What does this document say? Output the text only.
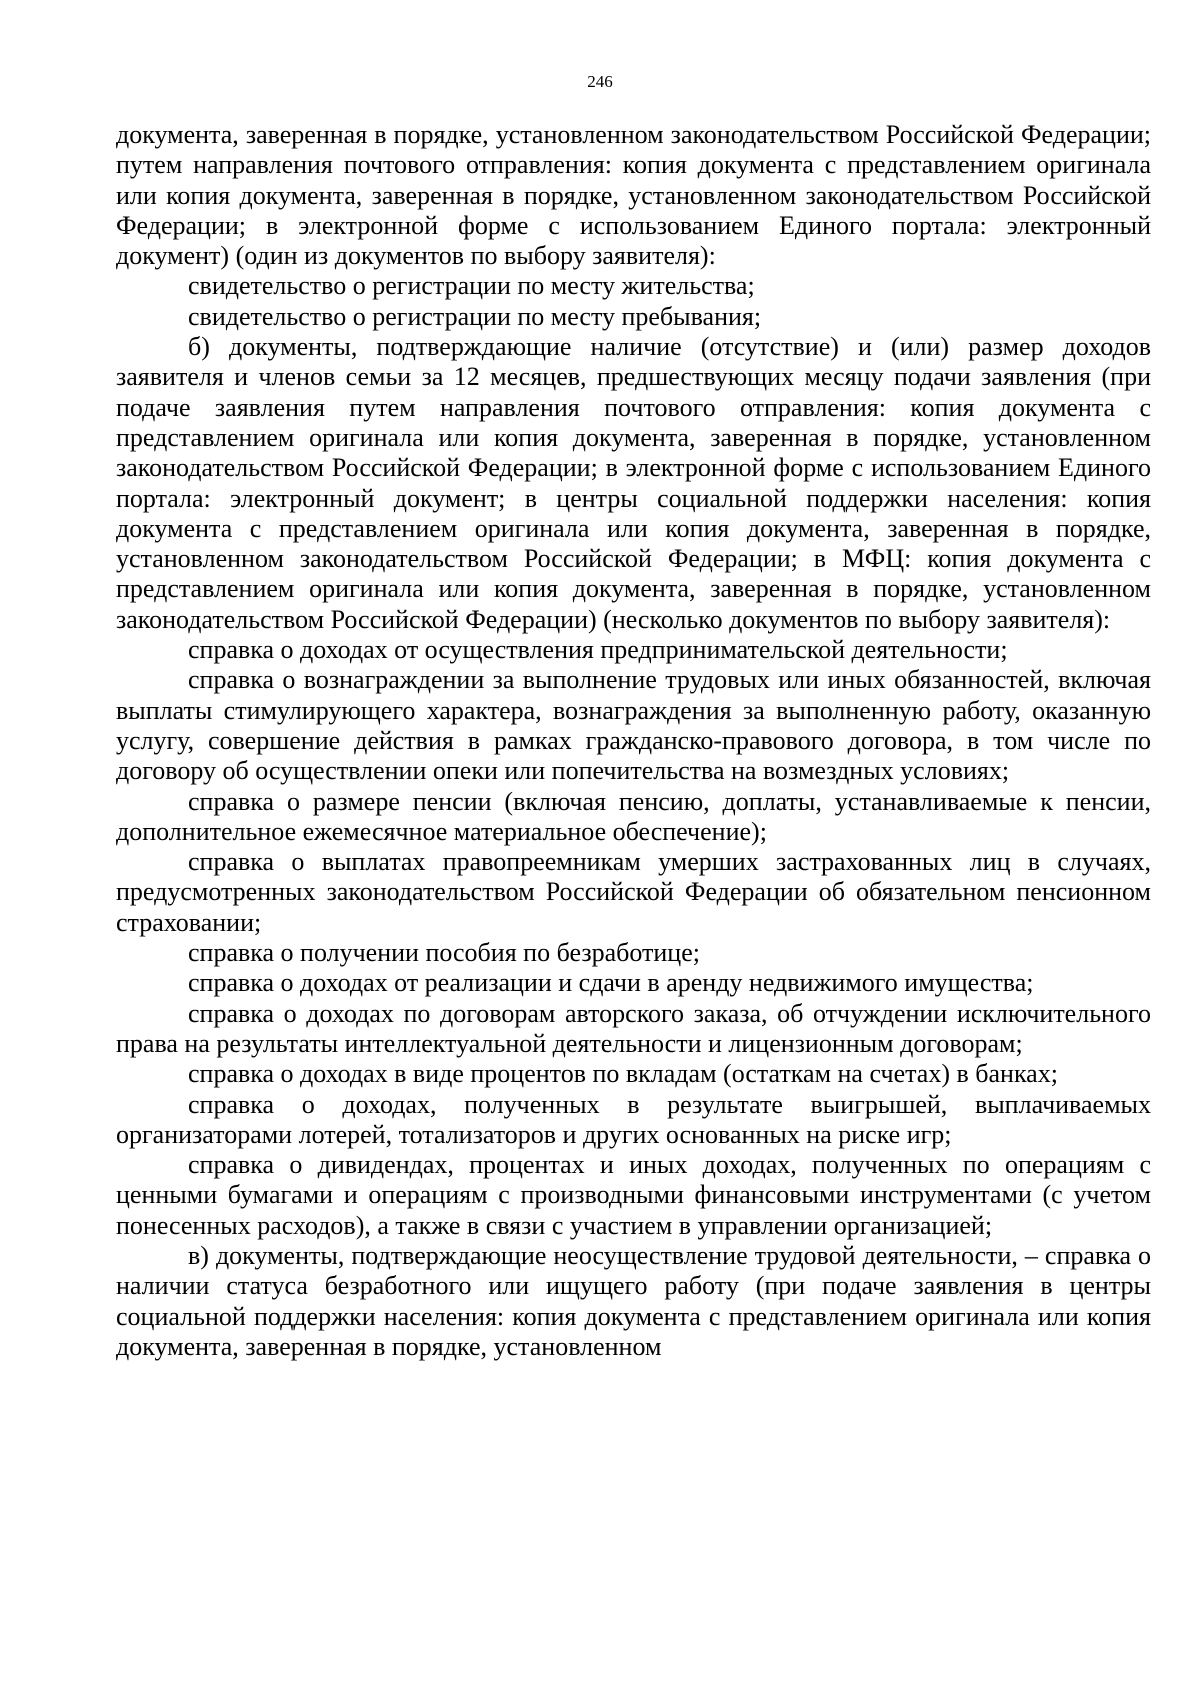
246

документа, заверенная в порядке, установленном законодательством Российской Федерации; путем направления почтового отправления: копия документа с представлением оригинала или копия документа, заверенная в порядке, установленном законодательством Российской Федерации; в электронной форме с использованием Единого портала: электронный документ) (один из документов по выбору заявителя):

свидетельство о регистрации по месту жительства;

свидетельство о регистрации по месту пребывания;

б) документы, подтверждающие наличие (отсутствие) и (или) размер доходов заявителя и членов семьи за 12 месяцев, предшествующих месяцу подачи заявления (при подаче заявления путем направления почтового отправления: копия документа с представлением оригинала или копия документа, заверенная в порядке, установленном законодательством Российской Федерации; в электронной форме с использованием Единого портала: электронный документ; в центры социальной поддержки населения: копия документа с представлением оригинала или копия документа, заверенная в порядке, установленном законодательством Российской Федерации; в МФЦ: копия документа с представлением оригинала или копия документа, заверенная в порядке, установленном законодательством Российской Федерации) (несколько документов по выбору заявителя):

справка о доходах от осуществления предпринимательской деятельности;

справка о вознаграждении за выполнение трудовых или иных обязанностей, включая выплаты стимулирующего характера, вознаграждения за выполненную работу, оказанную услугу, совершение действия в рамках гражданско-правового договора, в том числе по договору об осуществлении опеки или попечительства на возмездных условиях;

справка о размере пенсии (включая пенсию, доплаты, устанавливаемые к пенсии, дополнительное ежемесячное материальное обеспечение);

справка о выплатах правопреемникам умерших застрахованных лиц в случаях, предусмотренных законодательством Российской Федерации об обязательном пенсионном страховании;

справка о получении пособия по безработице;

справка о доходах от реализации и сдачи в аренду недвижимого имущества;

справка о доходах по договорам авторского заказа, об отчуждении исключительного права на результаты интеллектуальной деятельности и лицензионным договорам;

справка о доходах в виде процентов по вкладам (остаткам на счетах) в банках;

справка о доходах, полученных в результате выигрышей, выплачиваемых организаторами лотерей, тотализаторов и других основанных на риске игр;

справка о дивидендах, процентах и иных доходах, полученных по операциям с ценными бумагами и операциям с производными финансовыми инструментами (с учетом понесенных расходов), а также в связи с участием в управлении организацией;

в) документы, подтверждающие неосуществление трудовой деятельности, – справка о наличии статуса безработного или ищущего работу (при подаче заявления в центры социальной поддержки населения: копия документа с представлением оригинала или копия документа, заверенная в порядке, установленном
